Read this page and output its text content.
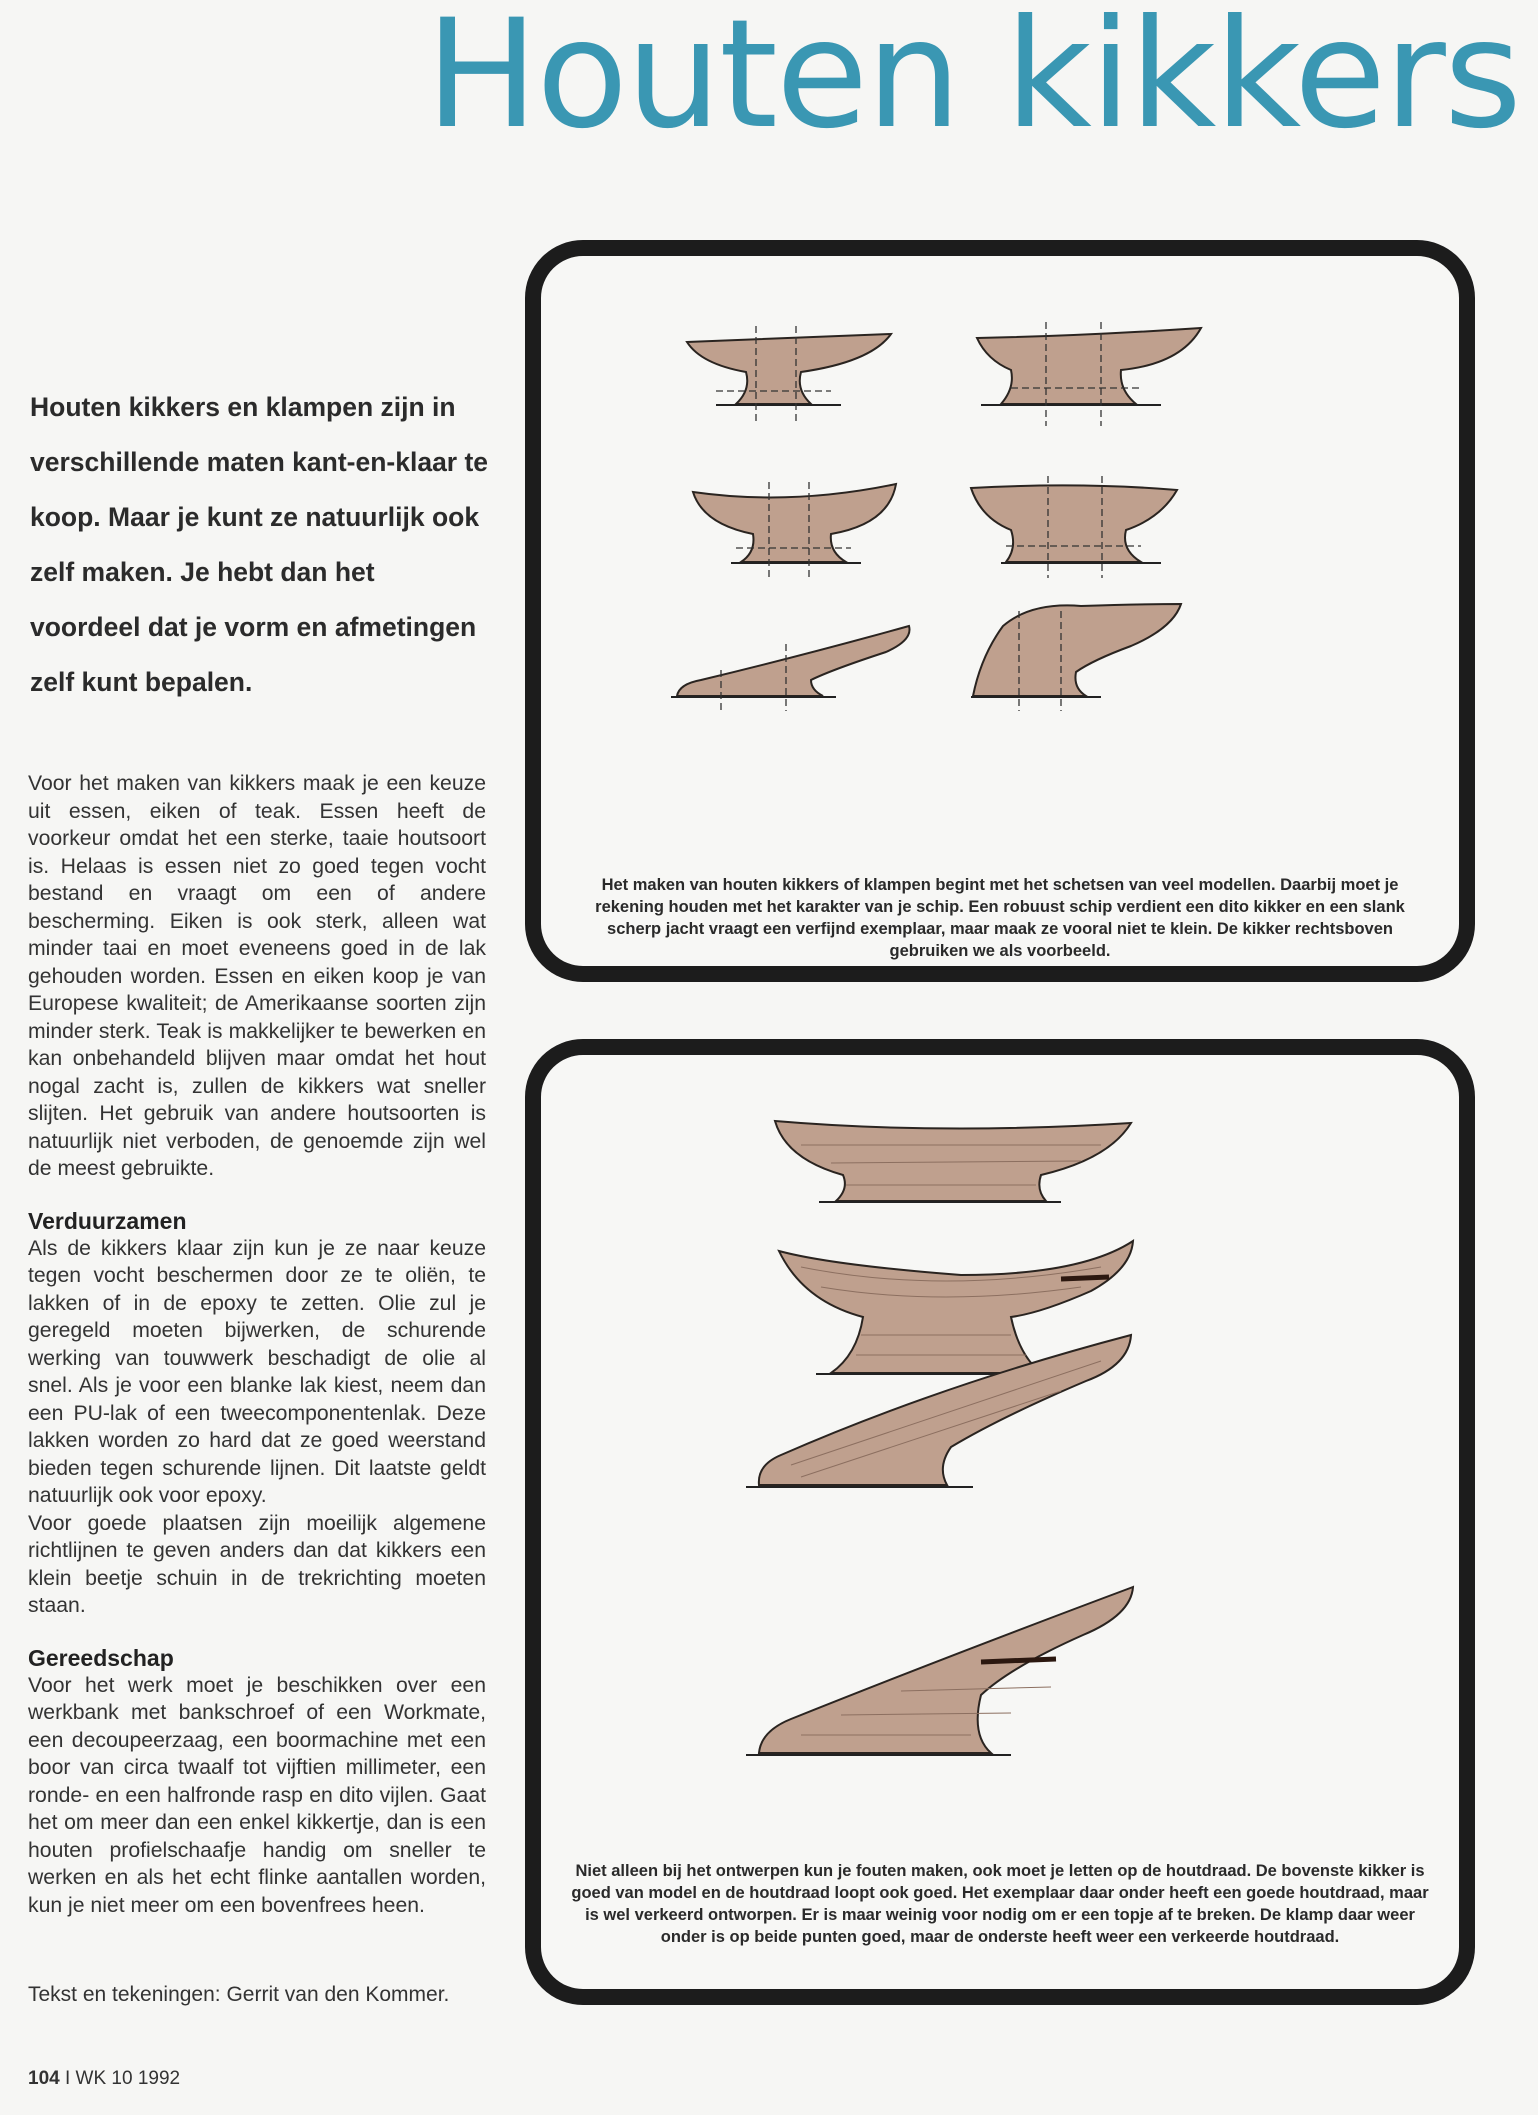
Houten kikkers

Houten kikkers en klampen zijn in verschillende maten kant-en-klaar te koop. Maar je kunt ze natuurlijk ook zelf maken. Je hebt dan het voordeel dat je vorm en afmetingen zelf kunt bepalen.

Voor het maken van kikkers maak je een keuze uit essen, eiken of teak. Essen heeft de voorkeur omdat het een sterke, taaie houtsoort is. Helaas is essen niet zo goed tegen vocht bestand en vraagt om een of andere bescherming. Eiken is ook sterk, alleen wat minder taai en moet eveneens goed in de lak gehouden worden. Essen en eiken koop je van Europese kwaliteit; de Amerikaanse soorten zijn minder sterk. Teak is makkelijker te bewerken en kan onbehandeld blijven maar omdat het hout nogal zacht is, zullen de kikkers wat sneller slijten. Het gebruik van andere houtsoorten is natuurlijk niet verboden, de genoemde zijn wel de meest gebruikte.

Verduurzamen

Als de kikkers klaar zijn kun je ze naar keuze tegen vocht beschermen door ze te oliën, te lakken of in de epoxy te zetten. Olie zul je geregeld moeten bijwerken, de schurende werking van touwwerk beschadigt de olie al snel. Als je voor een blanke lak kiest, neem dan een PU-lak of een tweecomponentenlak. Deze lakken worden zo hard dat ze goed weerstand bieden tegen schurende lijnen. Dit laatste geldt natuurlijk ook voor epoxy.

Voor goede plaatsen zijn moeilijk algemene richtlijnen te geven anders dan dat kikkers een klein beetje schuin in de trekrichting moeten staan.

Gereedschap

Voor het werk moet je beschikken over een werkbank met bankschroef of een Workmate, een decoupeerzaag, een boormachine met een boor van circa twaalf tot vijftien millimeter, een ronde- en een halfronde rasp en dito vijlen. Gaat het om meer dan een enkel kikkertje, dan is een houten profielschaafje handig om sneller te werken en als het echt flinke aantallen worden, kun je niet meer om een bovenfrees heen.

Tekst en tekeningen: Gerrit van den Kommer.
104 I WK 10 1992

Het maken van houten kikkers of klampen begint met het schetsen van veel modellen. Daarbij moet je rekening houden met het karakter van je schip. Een robuust schip verdient een dito kikker en een slank scherp jacht vraagt een verfijnd exemplaar, maar maak ze vooral niet te klein. De kikker rechtsboven gebruiken we als voorbeeld.

Niet alleen bij het ontwerpen kun je fouten maken, ook moet je letten op de houtdraad. De bovenste kikker is goed van model en de houtdraad loopt ook goed. Het exemplaar daar onder heeft een goede houtdraad, maar is wel verkeerd ontworpen. Er is maar weinig voor nodig om er een topje af te breken. De klamp daar weer onder is op beide punten goed, maar de onderste heeft weer een verkeerde houtdraad.
